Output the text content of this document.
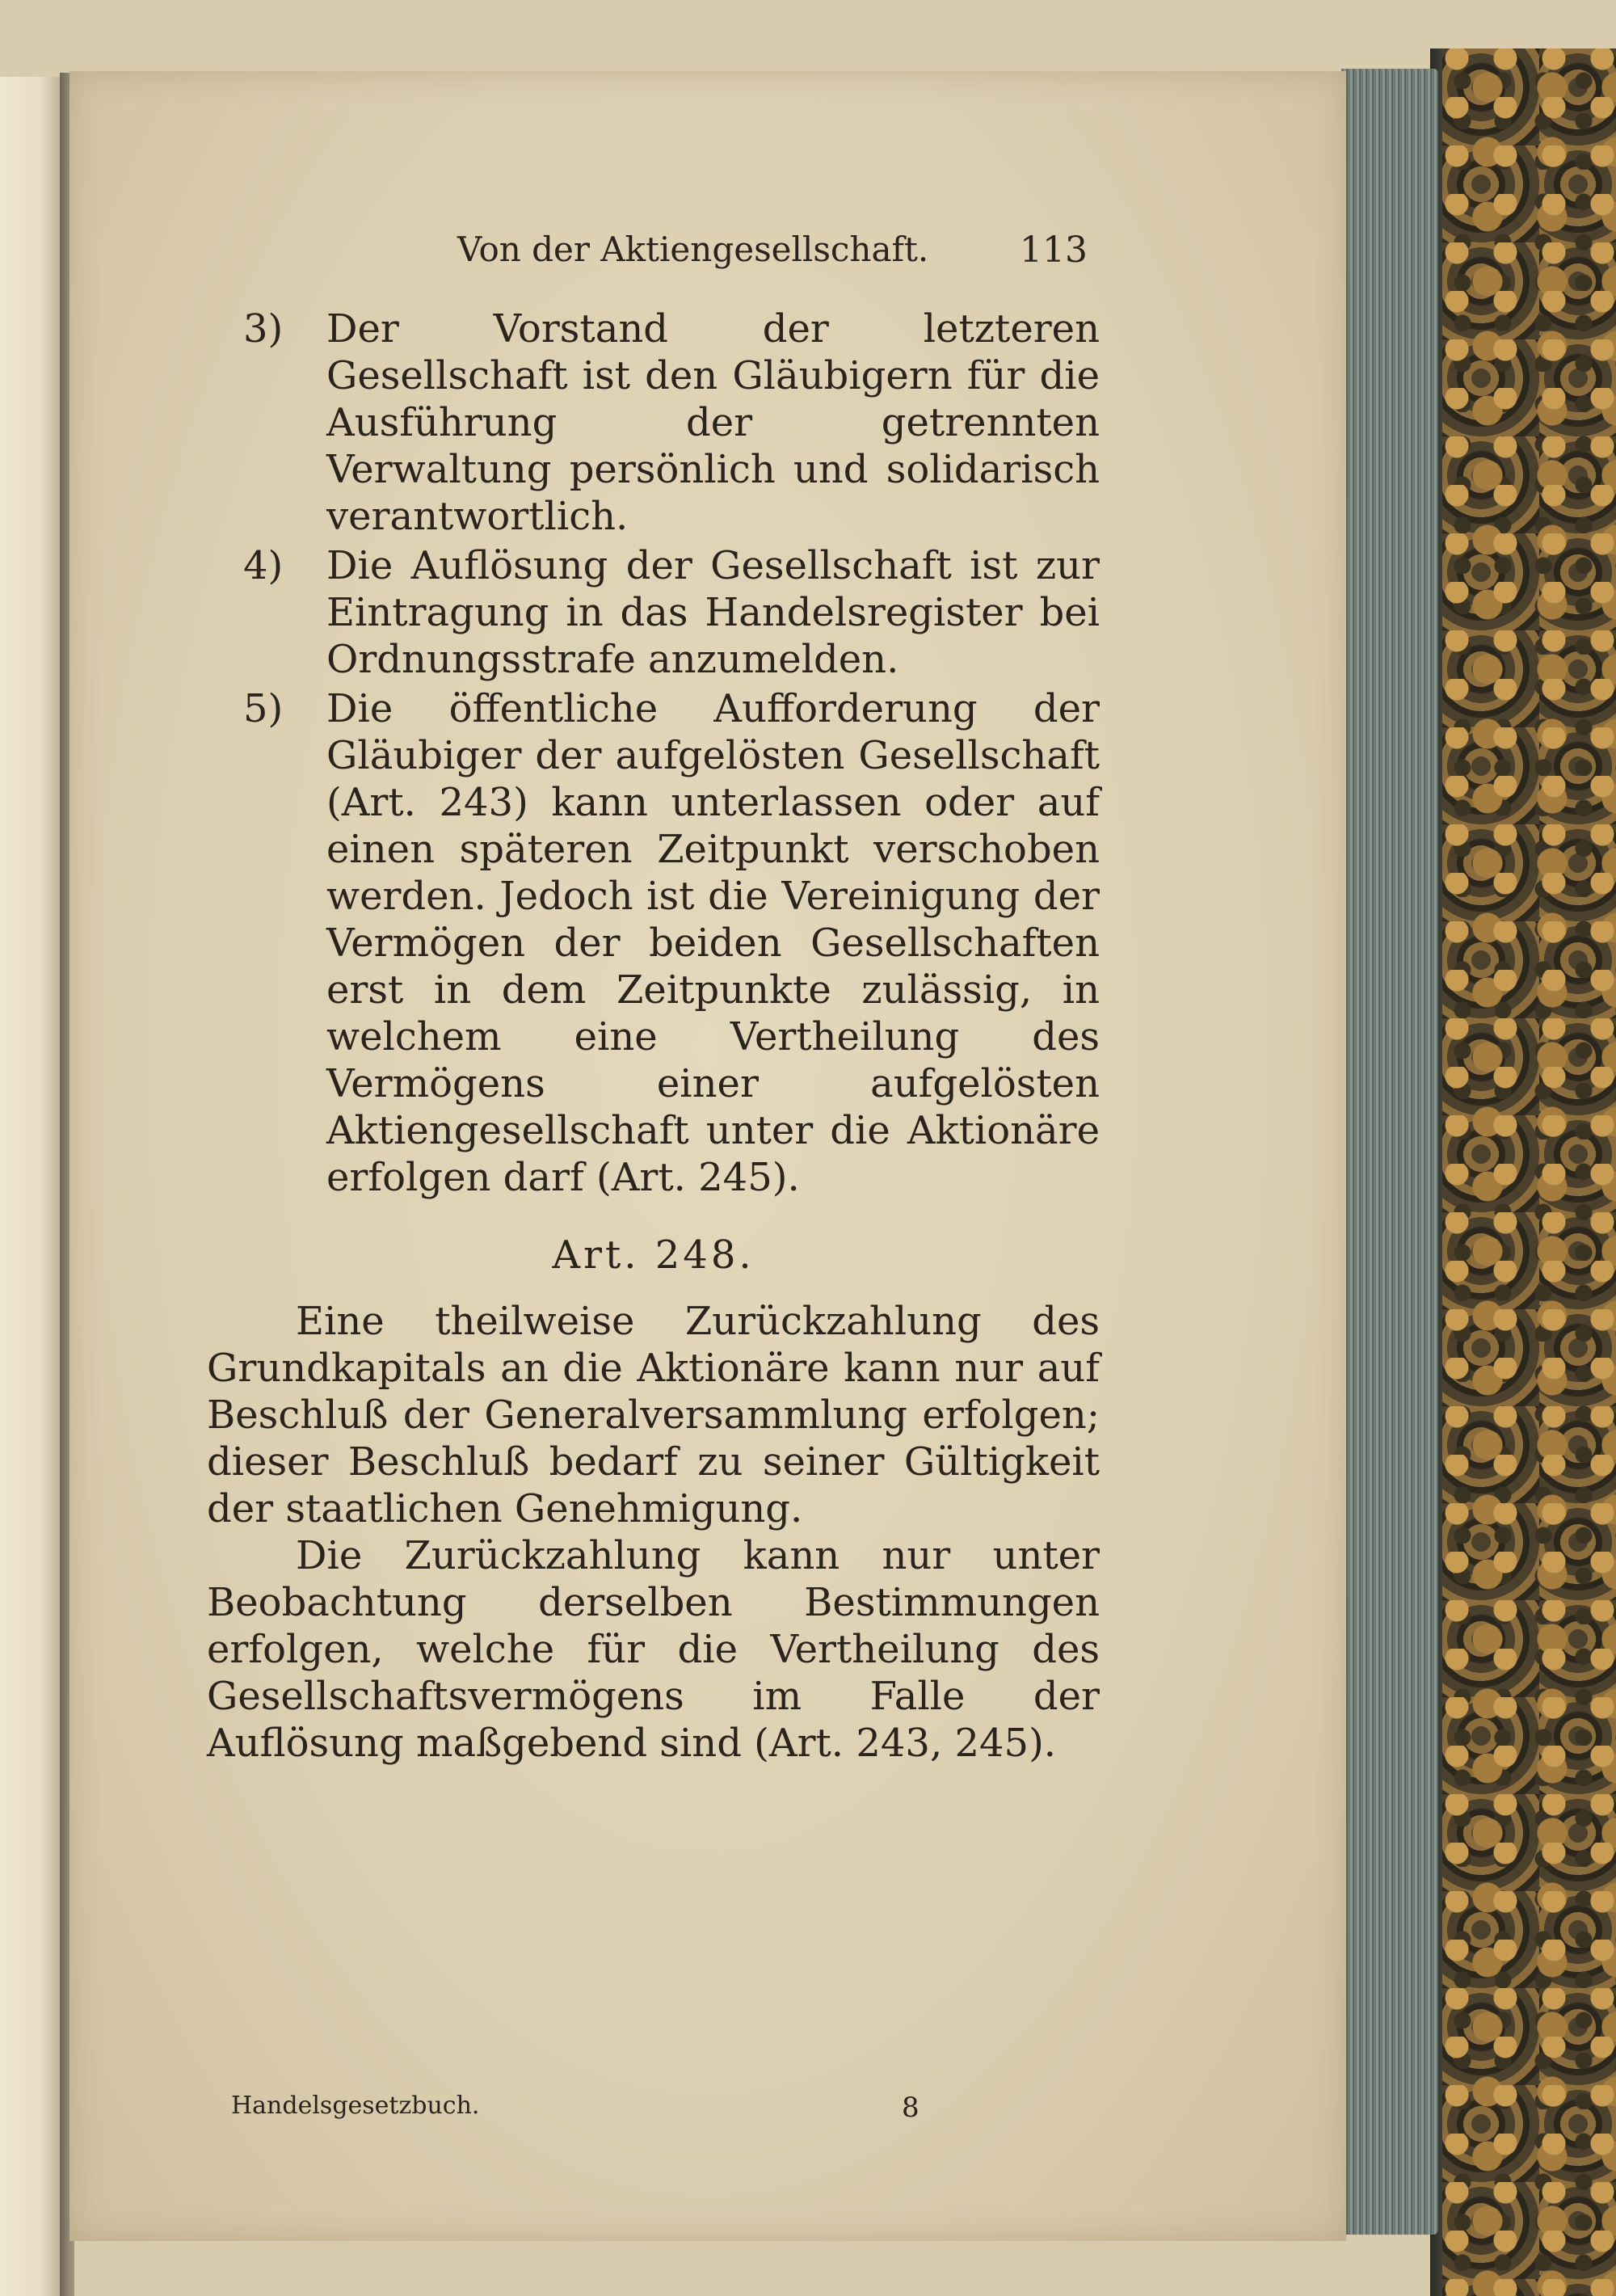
Von der Aktiengesellschaft.	113
3) Der Vorstand der letzteren Gesellschaft ist den Gläubigern für die Ausführung der getrennten Verwaltung persönlich und solidarisch verantwortlich.

4) Die Auflösung der Gesellschaft ist zur Eintragung in das Handelsregister bei Ordnungsstrafe anzumelden.

5) Die öffentliche Aufforderung der Gläubiger der aufgelösten Gesellschaft (Art. 243) kann unterlassen oder auf einen späteren Zeitpunkt verschoben werden. Jedoch ist die Vereinigung der Vermögen der beiden Gesellschaften erst in dem Zeitpunkte zulässig, in welchem eine Vertheilung des Vermögens einer aufgelösten Aktiengesellschaft unter die Aktionäre erfolgen darf (Art. 245).

Art. 248.

Eine theilweise Zurückzahlung des Grundkapitals an die Aktionäre kann nur auf Beschluß der Generalversammlung erfolgen; dieser Beschluß bedarf zu seiner Gültigkeit der staatlichen Genehmigung.

Die Zurückzahlung kann nur unter Beobachtung derselben Bestimmungen erfolgen, welche für die Vertheilung des Gesellschaftsvermögens im Falle der Auflösung maßgebend sind (Art. 243, 245).

Handelsgesetzbuch.	8
